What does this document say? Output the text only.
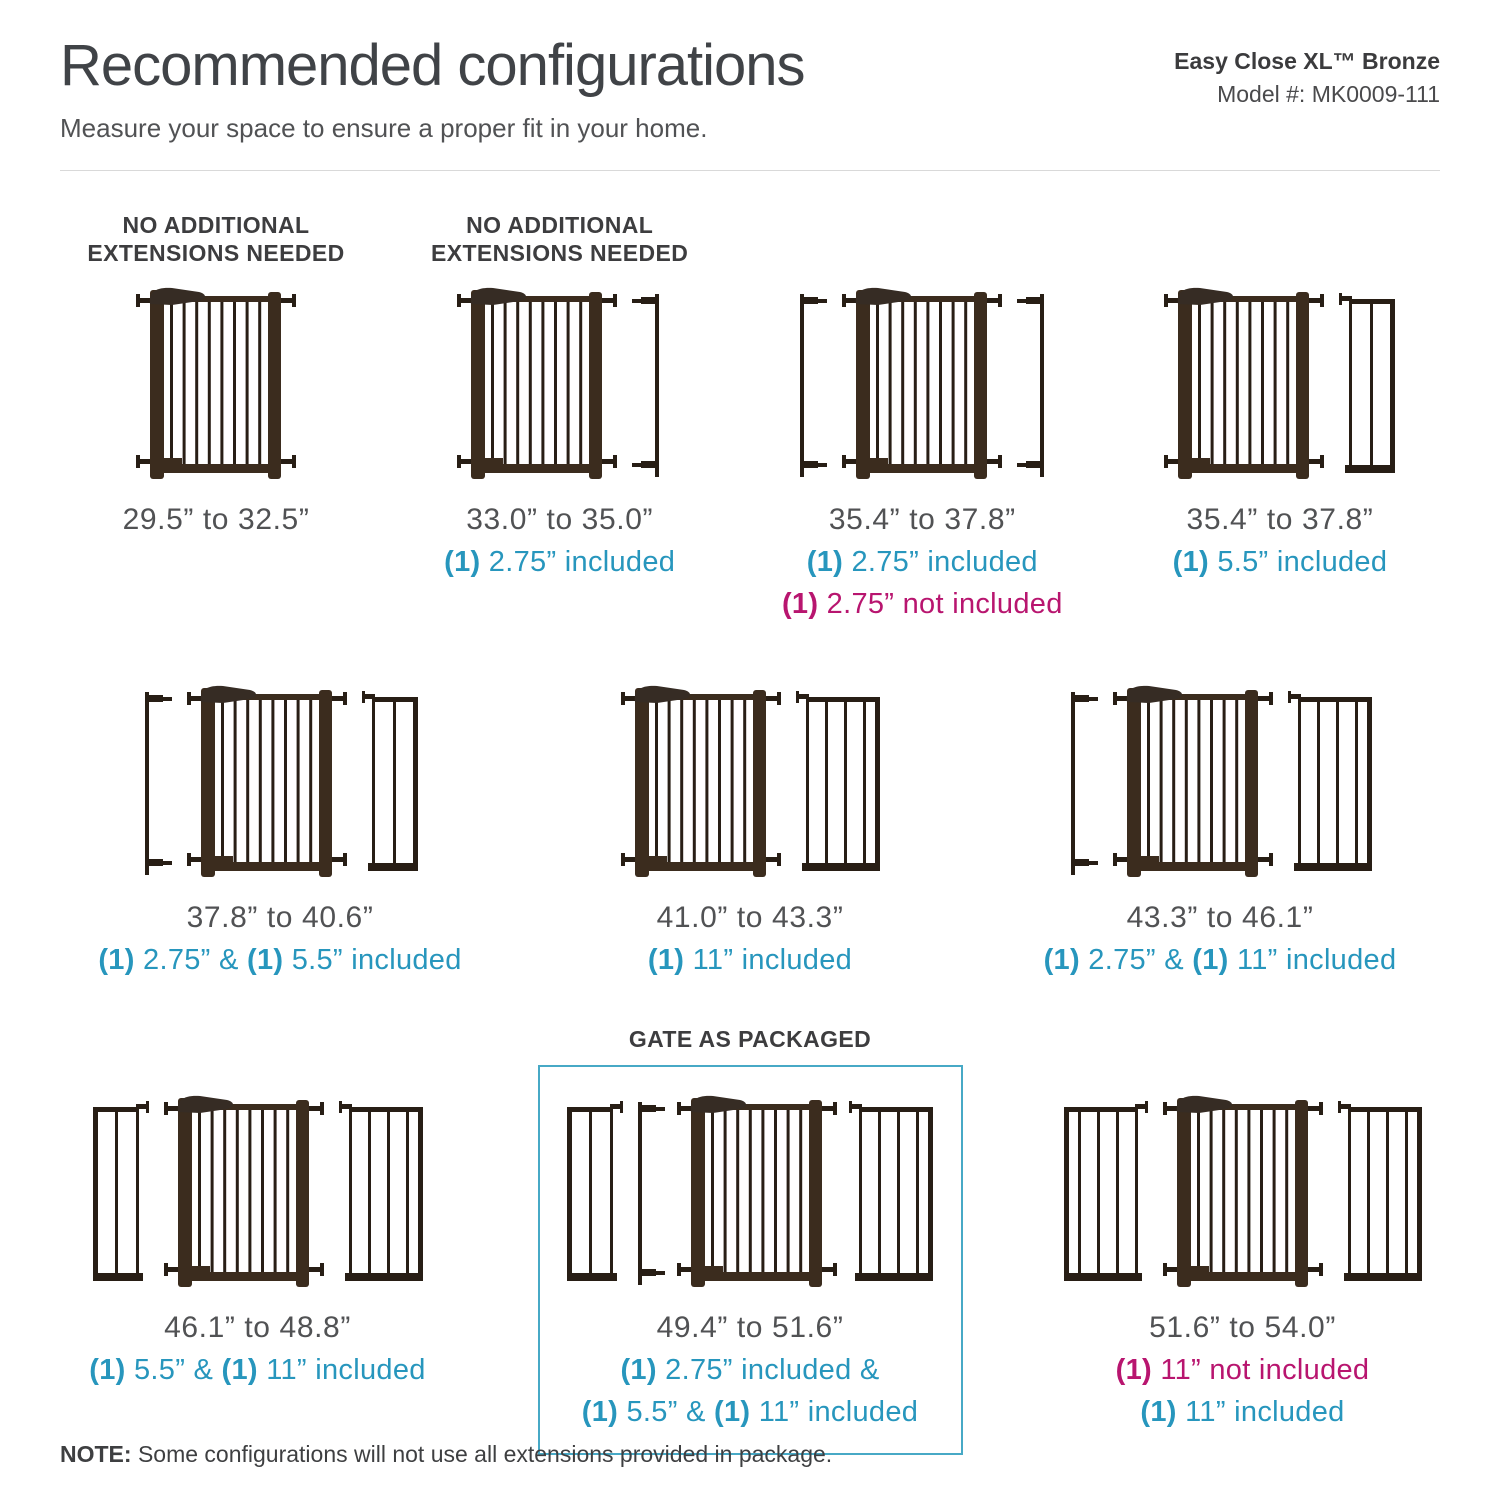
Recommended configurations
Measure your space to ensure a proper fit in your home.
Easy Close XL™ Bronze
Model #: MK0009-111
NO ADDITIONAL
EXTENSIONS NEEDED
29.5” to 32.5”
NO ADDITIONAL
EXTENSIONS NEEDED
33.0” to 35.0”
(1) 2.75” included
35.4” to 37.8”
(1) 2.75” included
(1) 2.75” not included
35.4” to 37.8”
(1) 5.5” included
37.8” to 40.6”
(1) 2.75” & (1) 5.5” included
41.0” to 43.3”
(1) 11” included
43.3” to 46.1”
(1) 2.75” & (1) 11” included
46.1” to 48.8”
(1) 5.5” & (1) 11” included
GATE AS PACKAGED
49.4” to 51.6”
(1) 2.75” included &
(1) 5.5” & (1) 11” included
51.6” to 54.0”
(1) 11” not included
(1) 11” included
NOTE: Some configurations will not use all extensions provided in package.
